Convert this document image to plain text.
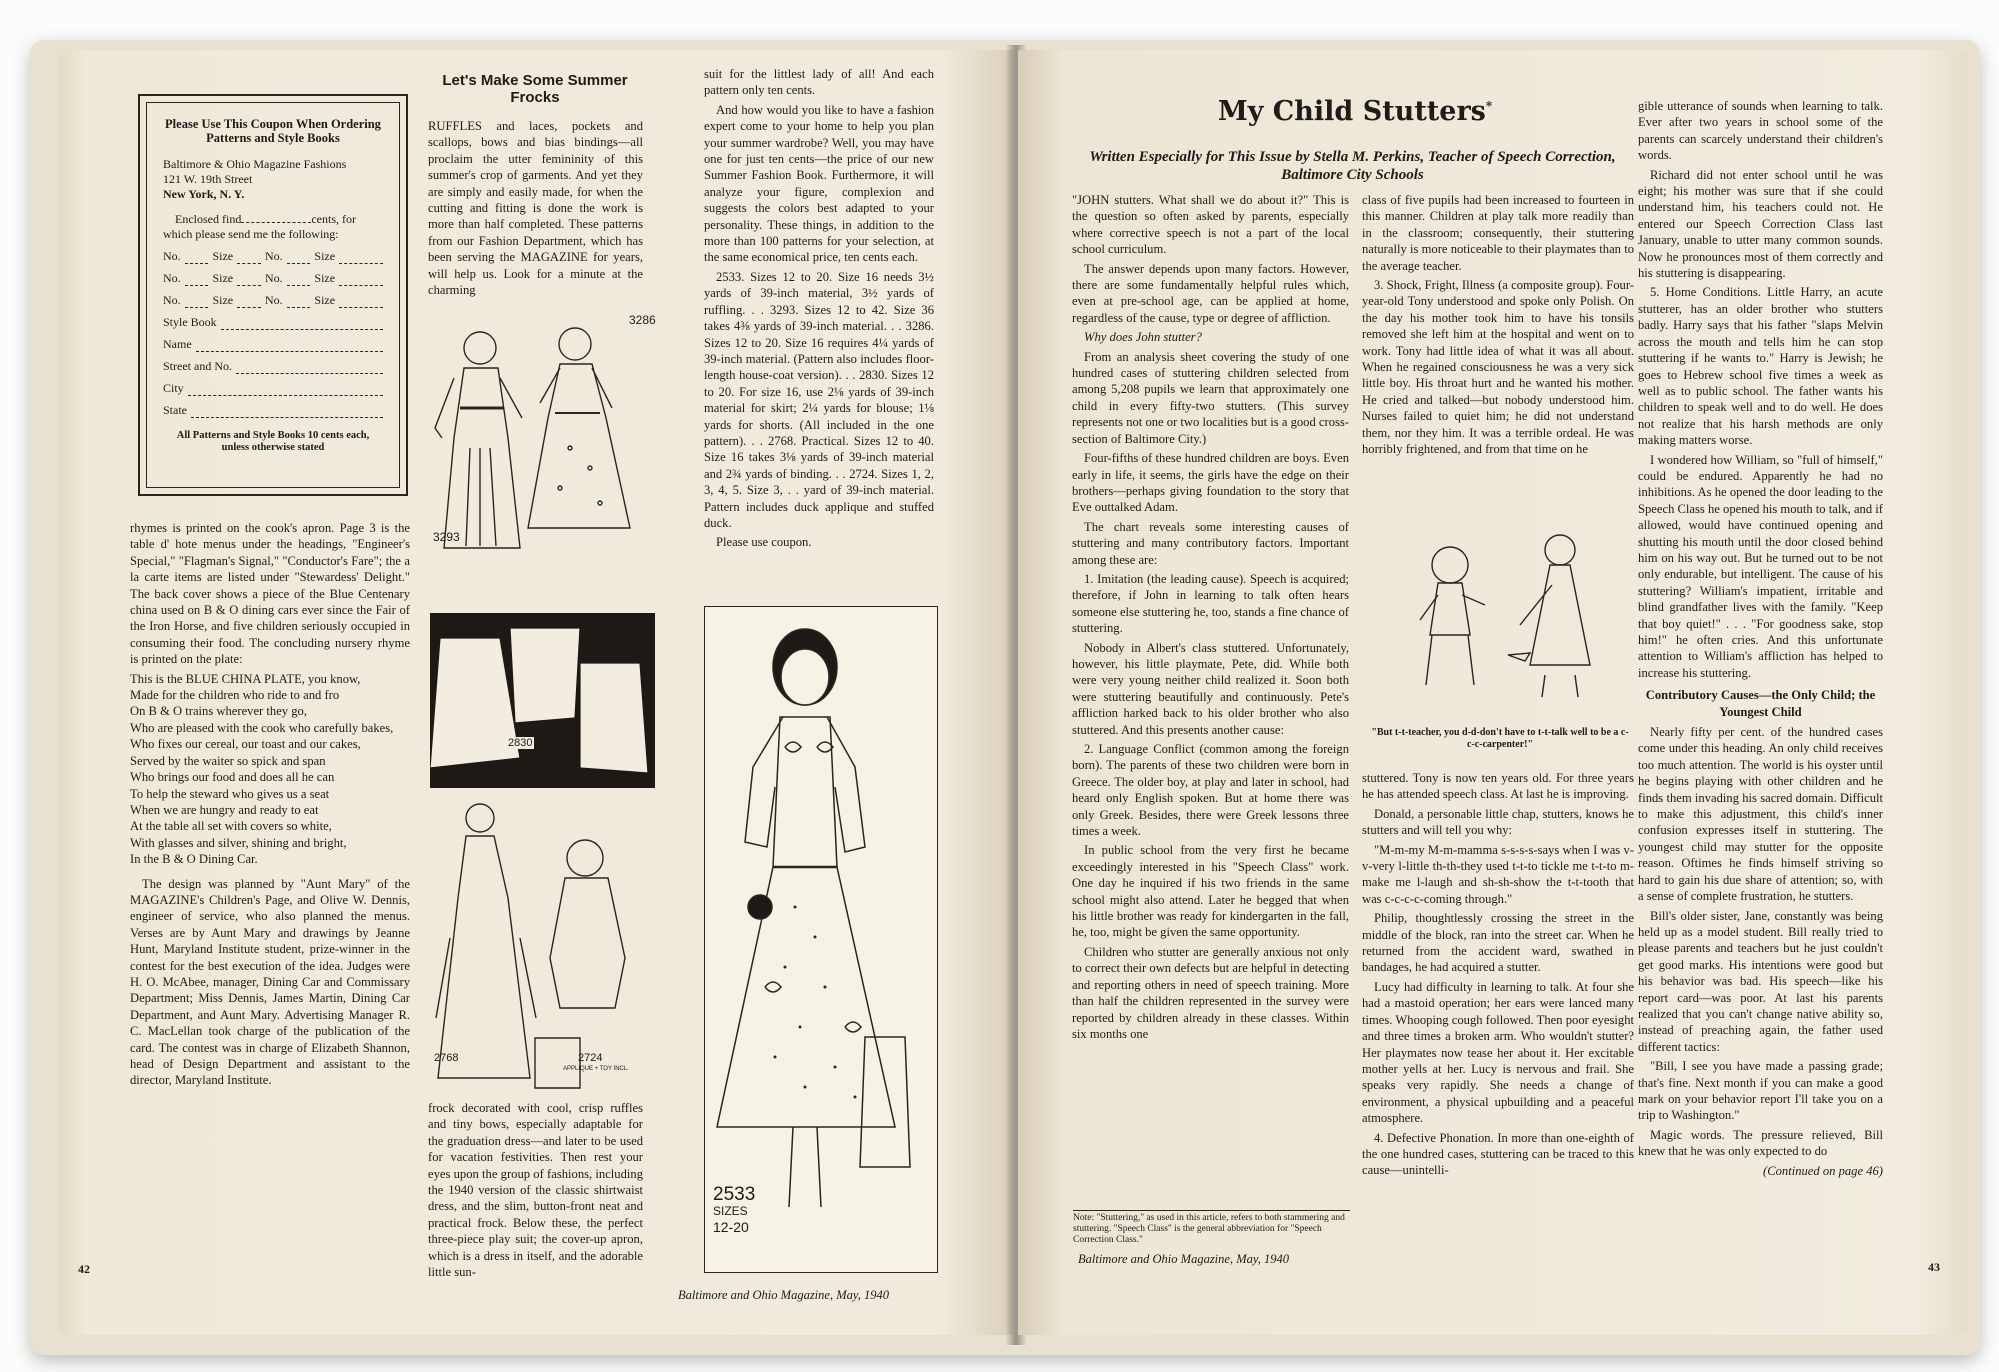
Please Use This Coupon When Ordering Patterns and Style Books
Baltimore & Ohio Magazine Fashions
121 W. 19th Street
New York, N. Y.
Enclosed find	cents, for which please send me the following:
No.	Size	No.	Size
No.	Size	No.	Size
No.	Size	No.	Size
Style Book
Name
Street and No.
City
State
All Patterns and Style Books 10 cents each, unless otherwise stated

rhymes is printed on the cook's apron. Page 3 is the table d' hote menus under the headings, "Engineer's Special," "Flagman's Signal," "Conductor's Fare"; the a la carte items are listed under "Stewardess' Delight." The back cover shows a piece of the Blue Centenary china used on B & O dining cars ever since the Fair of the Iron Horse, and five children seriously occupied in consuming their food. The concluding nursery rhyme is printed on the plate:

This is the BLUE CHINA PLATE, you know,

Made for the children who ride to and fro

On B & O trains wherever they go,

Who are pleased with the cook who carefully bakes,

Who fixes our cereal, our toast and our cakes,

Served by the waiter so spick and span

Who brings our food and does all he can

To help the steward who gives us a seat

When we are hungry and ready to eat

At the table all set with covers so white,

With glasses and silver, shining and bright,

In the B & O Dining Car.

The design was planned by "Aunt Mary" of the MAGAZINE's Children's Page, and Olive W. Dennis, engineer of service, who also planned the menus. Verses are by Aunt Mary and drawings by Jeanne Hunt, Maryland Institute student, prize-winner in the contest for the best execution of the idea. Judges were H. O. McAbee, manager, Dining Car and Commissary Department; Miss Dennis, James Martin, Dining Car Department, and Aunt Mary. Advertising Manager R. C. MacLellan took charge of the publication of the card. The contest was in charge of Elizabeth Shannon, head of Design Department and assistant to the director, Maryland Institute.

Let's Make Some Summer Frocks

RUFFLES and laces, pockets and scallops, bows and bias bindings—all proclaim the utter femininity of this summer's crop of garments. And yet they are simply and easily made, for when the cutting and fitting is done the work is more than half completed. These patterns from our Fashion Department, which has been serving the MAGAZINE for years, will help us. Look for a minute at the charming

3293
3286
2830
2768	2724
APPLIQUE + TOY INCL.

frock decorated with cool, crisp ruffles and tiny bows, especially adaptable for the graduation dress—and later to be used for vacation festivities. Then rest your eyes upon the group of fashions, including the 1940 version of the classic shirtwaist dress, and the slim, button-front neat and practical frock. Below these, the perfect three-piece play suit; the cover-up apron, which is a dress in itself, and the adorable little sun-

suit for the littlest lady of all! And each pattern only ten cents.

And how would you like to have a fashion expert come to your home to help you plan your summer wardrobe? Well, you may have one for just ten cents—the price of our new Summer Fashion Book. Furthermore, it will analyze your figure, complexion and suggests the colors best adapted to your personality. These things, in addition to the more than 100 patterns for your selection, at the same economical price, ten cents each.

2533. Sizes 12 to 20. Size 16 needs 3½ yards of 39-inch material, 3½ yards of ruffling. . . 3293. Sizes 12 to 42. Size 36 takes 4⅜ yards of 39-inch material. . . 3286. Sizes 12 to 20. Size 16 requires 4¼ yards of 39-inch material. (Pattern also includes floor-length house-coat version). . . 2830. Sizes 12 to 20. For size 16, use 2⅛ yards of 39-inch material for skirt; 2¼ yards for blouse; 1⅛ yards for shorts. (All included in the one pattern). . . 2768. Practical. Sizes 12 to 40. Size 16 takes 3⅛ yards of 39-inch material and 2¾ yards of binding. . . 2724. Sizes 1, 2, 3, 4, 5. Size 3, . . yard of 39-inch material. Pattern includes duck applique and stuffed duck.

Please use coupon.

2533
SIZES
12-20
42
Baltimore and Ohio Magazine, May, 1940

gible utterance of sounds when learning to talk. Ever after two years in school some of the parents can scarcely understand their children's words.

Richard did not enter school until he was eight; his mother was sure that if she could understand him, his teachers could not. He entered our Speech Correction Class last January, unable to utter many common sounds. Now he pronounces most of them correctly and his stuttering is disappearing.

5. Home Conditions. Little Harry, an acute stutterer, has an older brother who stutters badly. Harry says that his father "slaps Melvin across the mouth and tells him he can stop stuttering if he wants to." Harry is Jewish; he goes to Hebrew school five times a week as well as to public school. The father wants his children to speak well and to do well. He does not realize that his harsh methods are only making matters worse.

I wondered how William, so "full of himself," could be endured. Apparently he had no inhibitions. As he opened the door leading to the Speech Class he opened his mouth to talk, and if allowed, would have continued opening and shutting his mouth until the door closed behind him on his way out. But he turned out to be not only endurable, but intelligent. The cause of his stuttering? William's impatient, irritable and blind grandfather lives with the family. "Keep that boy quiet!" . . . "For goodness sake, stop him!" he often cries. And this unfortunate attention to William's affliction has helped to increase his stuttering.

Contributory Causes—the Only Child; the Youngest Child

Nearly fifty per cent. of the hundred cases come under this heading. An only child receives too much attention. The world is his oyster until he begins playing with other children and he finds them invading his sacred domain. Difficult to make this adjustment, this child's inner confusion expresses itself in stuttering. The youngest child may stutter for the opposite reason. Oftimes he finds himself striving so hard to gain his due share of attention; so, with a sense of complete frustration, he stutters.

Bill's older sister, Jane, constantly was being held up as a model student. Bill really tried to please parents and teachers but he just couldn't get good marks. His intentions were good but his behavior was bad. His speech—like his report card—was poor. At last his parents realized that you can't change native ability so, instead of preaching again, the father used different tactics:

"Bill, I see you have made a passing grade; that's fine. Next month if you can make a good mark on your behavior report I'll take you on a trip to Washington."

Magic words. The pressure relieved, Bill knew that he was only expected to do

(Continued on page 46)
43
Baltimore and Ohio Magazine, May, 1940
My Child Stutters*
Written Especially for This Issue by Stella M. Perkins, Teacher of Speech Correction, Baltimore City Schools

"JOHN stutters. What shall we do about it?" This is the question so often asked by parents, especially where corrective speech is not a part of the local school curriculum.

The answer depends upon many factors. However, there are some fundamentally helpful rules which, even at pre-school age, can be applied at home, regardless of the cause, type or degree of affliction.

Why does John stutter?

From an analysis sheet covering the study of one hundred cases of stuttering children selected from among 5,208 pupils we learn that approximately one child in every fifty-two stutters. (This survey represents not one or two localities but is a good cross-section of Baltimore City.)

Four-fifths of these hundred children are boys. Even early in life, it seems, the girls have the edge on their brothers—perhaps giving foundation to the story that Eve outtalked Adam.

The chart reveals some interesting causes of stuttering and many contributory factors. Important among these are:

1. Imitation (the leading cause). Speech is acquired; therefore, if John in learning to talk often hears someone else stuttering he, too, stands a fine chance of stuttering.

Nobody in Albert's class stuttered. Unfortunately, however, his little playmate, Pete, did. While both were very young neither child realized it. Soon both were stuttering beautifully and continuously. Pete's affliction harked back to his older brother who also stuttered. And this presents another cause:

2. Language Conflict (common among the foreign born). The parents of these two children were born in Greece. The older boy, at play and later in school, had heard only English spoken. But at home there was only Greek. Besides, there were Greek lessons three times a week.

In public school from the very first he became exceedingly interested in his "Speech Class" work. One day he inquired if his two friends in the same school might also attend. Later he begged that when his little brother was ready for kindergarten in the fall, he, too, might be given the same opportunity.

Children who stutter are generally anxious not only to correct their own defects but are helpful in detecting and reporting others in need of speech training. More than half the children represented in the survey were reported by children already in these classes. Within six months one

Note: "Stuttering," as used in this article, refers to both stammering and stuttering. "Speech Class" is the general abbreviation for "Speech Correction Class."

class of five pupils had been increased to fourteen in this manner. Children at play talk more readily than in the classroom; consequently, their stuttering naturally is more noticeable to their playmates than to the average teacher.

3. Shock, Fright, Illness (a composite group). Four-year-old Tony understood and spoke only Polish. On the day his mother took him to have his tonsils removed she left him at the hospital and went on to work. Tony had little idea of what it was all about. When he regained consciousness he was a very sick little boy. His throat hurt and he wanted his mother. He cried and talked—but nobody understood him. Nurses failed to quiet him; he did not understand them, nor they him. It was a terrible ordeal. He was horribly frightened, and from that time on he

"But t-t-teacher, you d-d-don't have to t-t-talk well to be a c-c-c-carpenter!"

stuttered. Tony is now ten years old. For three years he has attended speech class. At last he is improving.

Donald, a personable little chap, stutters, knows he stutters and will tell you why:

"M-m-my M-m-mamma s-s-s-s-says when I was v-v-very l-little th-th-they used t-t-to tickle me t-t-to m-make me l-laugh and sh-sh-show the t-t-tooth that was c-c-c-c-coming through."

Philip, thoughtlessly crossing the street in the middle of the block, ran into the street car. When he returned from the accident ward, swathed in bandages, he had acquired a stutter.

Lucy had difficulty in learning to talk. At four she had a mastoid operation; her ears were lanced many times. Whooping cough followed. Then poor eyesight and three times a broken arm. Who wouldn't stutter? Her playmates now tease her about it. Her excitable mother yells at her. Lucy is nervous and frail. She speaks very rapidly. She needs a change of environment, a physical upbuilding and a peaceful atmosphere.

4. Defective Phonation. In more than one-eighth of the one hundred cases, stuttering can be traced to this cause—unintelli-
